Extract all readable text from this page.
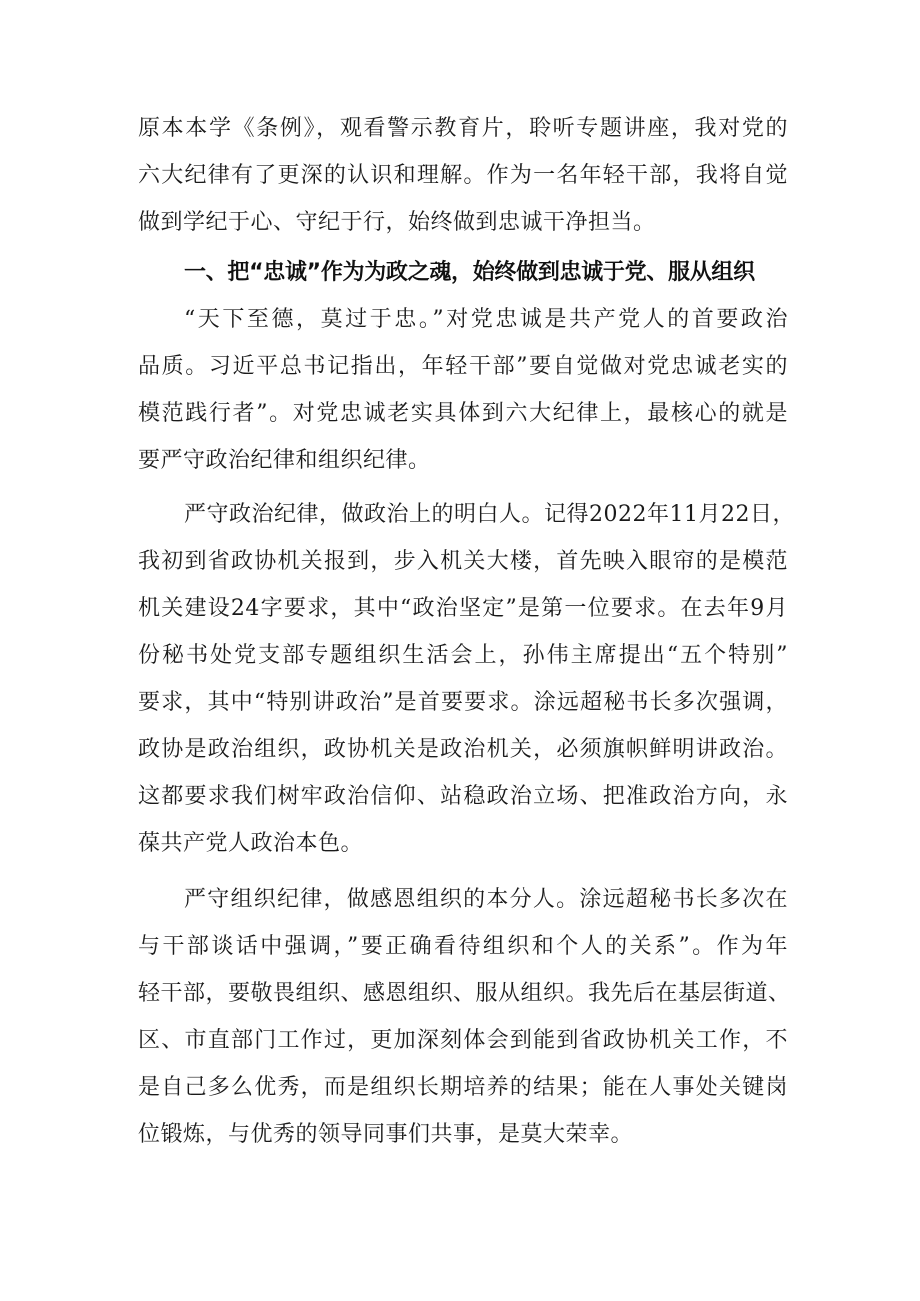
原本本学《条例》，观看警示教育片，聆听专题讲座，我对党的
六大纪律有了更深的认识和理解。作为一名年轻干部，我将自觉
做到学纪于心、守纪于行，始终做到忠诚干净担当。
一、把“忠诚”作为为政之魂，始终做到忠诚于党、服从组织
“天下至德，莫过于忠。”对党忠诚是共产党人的首要政治
品质。习近平总书记指出，年轻干部”要自觉做对党忠诚老实的
模范践行者”。对党忠诚老实具体到六大纪律上，最核心的就是
要严守政治纪律和组织纪律。
严守政治纪律，做政治上的明白人。记得2022年11月22日，
我初到省政协机关报到，步入机关大楼，首先映入眼帘的是模范
机关建设24字要求，其中“政治坚定”是第一位要求。在去年9月
份秘书处党支部专题组织生活会上，孙伟主席提出“五个特别”
要求，其中“特别讲政治”是首要要求。涂远超秘书长多次强调，
政协是政治组织，政协机关是政治机关，必须旗帜鲜明讲政治。
这都要求我们树牢政治信仰、站稳政治立场、把准政治方向，永
葆共产党人政治本色。
严守组织纪律，做感恩组织的本分人。涂远超秘书长多次在
与干部谈话中强调，”要正确看待组织和个人的关系”。作为年
轻干部，要敬畏组织、感恩组织、服从组织。我先后在基层街道、
区、市直部门工作过，更加深刻体会到能到省政协机关工作，不
是自己多么优秀，而是组织长期培养的结果；能在人事处关键岗
位锻炼，与优秀的领导同事们共事，是莫大荣幸。
